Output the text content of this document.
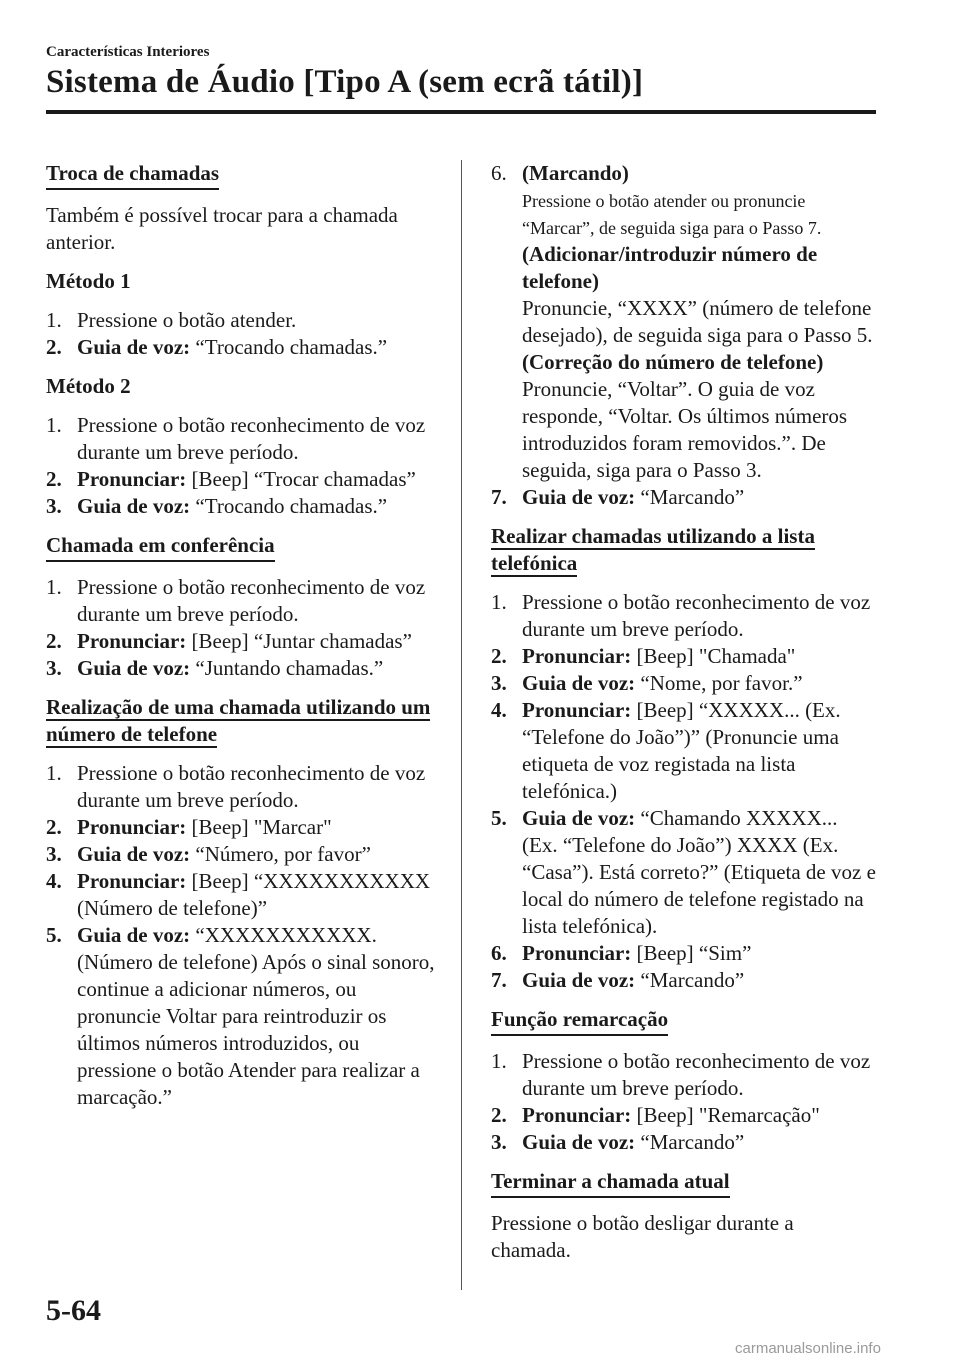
Características Interiores
Sistema de Áudio [Tipo A (sem ecrã tátil)]
Troca de chamadas

Também é possível trocar para a chamada anterior.

Método 1

1. Pressione o botão atender.
2. Guia de voz: “Trocando chamadas.”

Método 2

1. Pressione o botão reconhecimento de voz durante um breve período.
2. Pronunciar: [Beep] “Trocar chamadas”
3. Guia de voz: “Trocando chamadas.”
Chamada em conferência
1. Pressione o botão reconhecimento de voz durante um breve período.
2. Pronunciar: [Beep] “Juntar chamadas”
3. Guia de voz: “Juntando chamadas.”
Realização de uma chamada utilizando um número de telefone
1. Pressione o botão reconhecimento de voz durante um breve período.
2. Pronunciar: [Beep] "Marcar"
3. Guia de voz: “Número, por favor”
4. Pronunciar: [Beep] “XXXXXXXXXXX (Número de telefone)”
5. Guia de voz: “XXXXXXXXXXX. (Número de telefone) Após o sinal sonoro, continue a adicionar números, ou pronuncie Voltar para reintroduzir os últimos números introduzidos, ou pressione o botão Atender para realizar a marcação.”
6. (Marcando)
Pressione o botão atender ou pronuncie “Marcar”, de seguida siga para o Passo 7.
(Adicionar/introduzir número de telefone)
Pronuncie, “XXXX” (número de telefone desejado), de seguida siga para o Passo 5.
(Correção do número de telefone)
Pronuncie, “Voltar”. O guia de voz responde, “Voltar. Os últimos números introduzidos foram removidos.”. De seguida, siga para o Passo 3.
7. Guia de voz: “Marcando”
Realizar chamadas utilizando a lista telefónica
1. Pressione o botão reconhecimento de voz durante um breve período.
2. Pronunciar: [Beep] "Chamada"
3. Guia de voz: “Nome, por favor.”
4. Pronunciar: [Beep] “XXXXX... (Ex. “Telefone do João”)” (Pronuncie uma etiqueta de voz registada na lista telefónica.)
5. Guia de voz: “Chamando XXXXX... (Ex. “Telefone do João”) XXXX (Ex. “Casa”). Está correto?” (Etiqueta de voz e local do número de telefone registado na lista telefónica).
6. Pronunciar: [Beep] “Sim”
7. Guia de voz: “Marcando”
Função remarcação
1. Pressione o botão reconhecimento de voz durante um breve período.
2. Pronunciar: [Beep] "Remarcação"
3. Guia de voz: “Marcando”
Terminar a chamada atual

Pressione o botão desligar durante a chamada.

5-64
carmanualsonline.info
